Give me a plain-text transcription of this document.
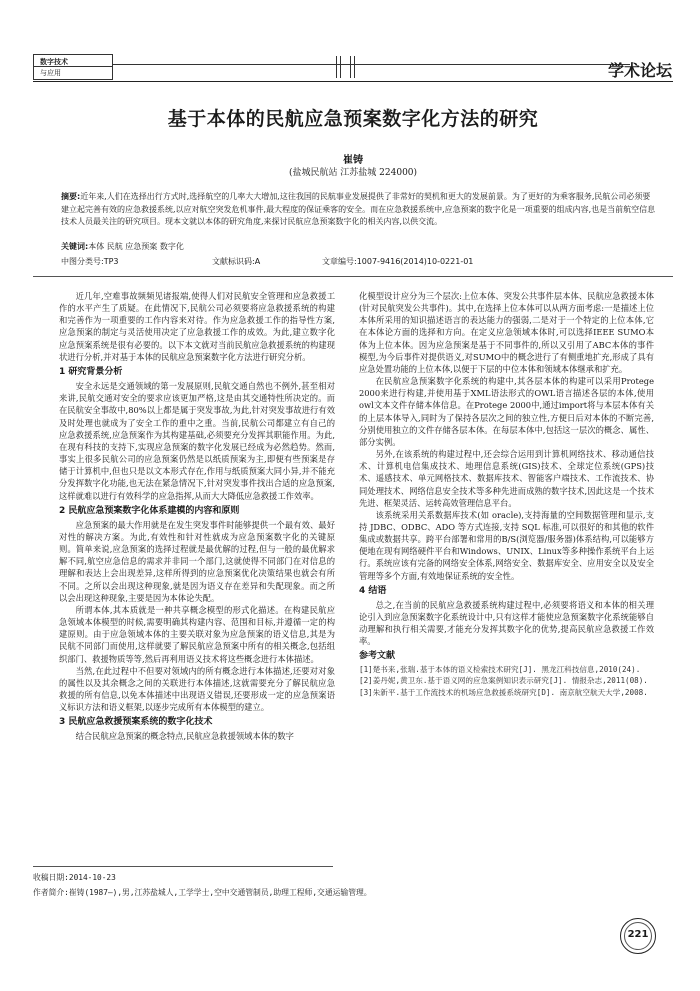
数字技术
与应用	学术论坛
基于本体的民航应急预案数字化方法的研究
崔铸
(盐城民航站 江苏盐城 224000)
摘要:近年来,人们在选择出行方式时,选择航空的几率大大增加,这往我国的民航事业发展提供了非常好的契机和更大的发展前景。为了更好的为乘客服务,民航公司必须要建立起完善有效的应急救援系统,以应对航空突发危机事件,最大程度的保证乘客的安全。而在应急救援系统中,应急预案的数字化是一项重要的组成内容,也是当前航空信息技术人员最关注的研究项目。现本文就以本体的研究角度,来探讨民航应急预案数字化的相关内容,以供交流。
关键词:本体 民航 应急预案 数字化
中图分类号:TP3	文献标识码:A	文章编号:1007-9416(2014)10-0221-01

近几年,空难事故频频见诸报端,使得人们对民航安全管理和应急救援工作的水平产生了质疑。在此情况下,民航公司必须要将应急救援系统的构建和完善作为一项重要的工作内容来对待。作为应急救援工作的指导性方案,应急预案的制定与灵活使用决定了应急救援工作的成效。为此,建立数字化应急预案系统是很有必要的。以下本文就对当前民航应急救援系统的构建现状进行分析,并对基于本体的民航应急预案数字化方法进行研究分析。

1 研究背景分析

安全永远是交通领域的第一发展原则,民航交通自然也不例外,甚至相对来讲,民航交通对安全的要求应该更加严格,这是由其交通特性所决定的。而在民航安全事故中,80%以上都是属于突发事故,为此,针对突发事故进行有效及时处理也就成为了安全工作的重中之重。当前,民航公司都建立有自己的应急救援系统,应急预案作为其构建基础,必须要充分发挥其职能作用。为此,在现有科技的支持下,实现应急预案的数字化发展已经成为必然趋势。然而,事实上很多民航公司的应急预案仍然是以纸质预案为主,即便有些预案是存储于计算机中,但也只是以文本形式存在,作用与纸质预案大同小异,并不能充分发挥数字化功能,也无法在紧急情况下,针对突发事件找出合适的应急预案,这样就难以进行有效科学的应急指挥,从而大大降低应急救援工作效率。

2 民航应急预案数字化体系建模的内容和原则

应急预案的最大作用就是在发生突发事件时能够提供一个最有效、最好对性的解决方案。为此,有效性和针对性就成为应急预案数字化的关键原则。简单来说,应急预案的选择过程就是最优解的过程,但与一般的最优解求解不同,航空应急信息的需求并非同一个部门,这就使得不同部门在对信息的理解和表达上会出现差异,这样所得到的应急预案优化决策结果也就会有所不同。之所以会出现这种现象,就是因为语义存在差异和失配现象。而之所以会出现这种现象,主要是因为本体论失配。

所谓本体,其本质就是一种共享概念模型的形式化描述。在构建民航应急领域本体模型的时候,需要明确其构建内容、范围和目标,并遵循一定的构建原则。由于应急领域本体的主要关联对象为应急预案的语义信息,其是为民航不同部门而使用,这样就要了解民航应急预案中所有的相关概念,包括组织部门、救援物质等等,然后再利用语义技术将这些概念进行本体描述。

当然,在此过程中不但要对领域内的所有概念进行本体描述,还要对对象的属性以及其余概念之间的关联进行本体描述,这就需要充分了解民航应急救援的所有信息,以免本体描述中出现语义错误,还要形成一定的应急预案语义标识方法和语义框架,以逐步完成所有本体模型的建立。

3 民航应急救援预案系统的数字化技术

结合民航应急预案的概念特点,民航应急救援领域本体的数字

化模型设计应分为三个层次:上位本体、突发公共事件层本体、民航应急救援本体(针对民航突发公共事件)。其中,在选择上位本体可以从两方面考虑:一是描述上位本体所采用的知识描述语言的表达能力的强弱,二是对于一个特定的上位本体,它在本体论方面的选择和方向。在定义应急领域本体时,可以选择IEEE SUMO本体为上位本体。因为应急预案是基于不同事件的,所以又引用了ABC本体的事件模型,为今后事件对提供语义,对SUMO中的概念进行了有侧重地扩充,形成了具有应急处置功能的上位本体,以便于下层的中位本体和领域本体继承和扩充。

在民航应急预案数字化系统的构建中,其各层本体的构建可以采用Protege 2000来进行构建,并使用基于XML语法形式的OWL语言描述各层的本体,使用owl文本文件存储本体信息。在Protege 2000中,通过import将与本层本体有关的上层本体导入,同时为了保持各层次之间的独立性,方便日后对本体的不断完善,分别使用独立的文件存储各层本体。在每层本体中,包括这一层次的概念、属性、部分实例。

另外,在该系统的构建过程中,还会综合运用到计算机网络技术、移动通信技术、计算机电信集成技术、地理信息系统(GIS)技术、全球定位系统(GPS)技术、遥感技术、单元网格技术、数据库技术、智能客户端技术、工作流技术、协同处理技术、网络信息安全技术等多种先进而成熟的数字技术,因此这是一个技术先进、框架灵活、运转高效管理信息平台。

该系统采用关系数据库技术(如 oracle),支持海量的空间数据管理和显示,支持 JDBC、ODBC、ADO 等方式连接,支持 SQL 标准,可以很好的和其他的软件集成或数据共享。跨平台部署和常用的B/S(浏览器/服务器)体系结构,可以能够方便地在现有网络硬件平台和Windows、UNIX、Linux等多种操作系统平台上运行。系统应该有完备的网络安全体系,网络安全、数据库安全、应用安全以及安全管理等多个方面,有效地保证系统的安全性。

4 结语

总之,在当前的民航应急救援系统构建过程中,必须要将语义和本体的相关理论引入到应急预案数字化系统设计中,只有这样才能使应急预案数字化系统能够自动理解和执行相关需要,才能充分发挥其数字化的优势,提高民航应急救援工作效率。

参考文献

[1]楚书来,张瑞.基于本体的语义检索技术研究[J]. 黑龙江科技信息,2010(24).

[2]姜丹妮,黄卫东.基于语义网的应急案例知识表示研究[J]. 情报杂志,2011(08).

[3]朱新平.基于工作流技术的机场应急救援系统研究[D]. 南京航空航天大学,2008.

收稿日期:2014-10-23
作者简介:崔铸(1987—),男,江苏盐城人,工学学士,空中交通管制员,助理工程师,交通运输管理。
221
